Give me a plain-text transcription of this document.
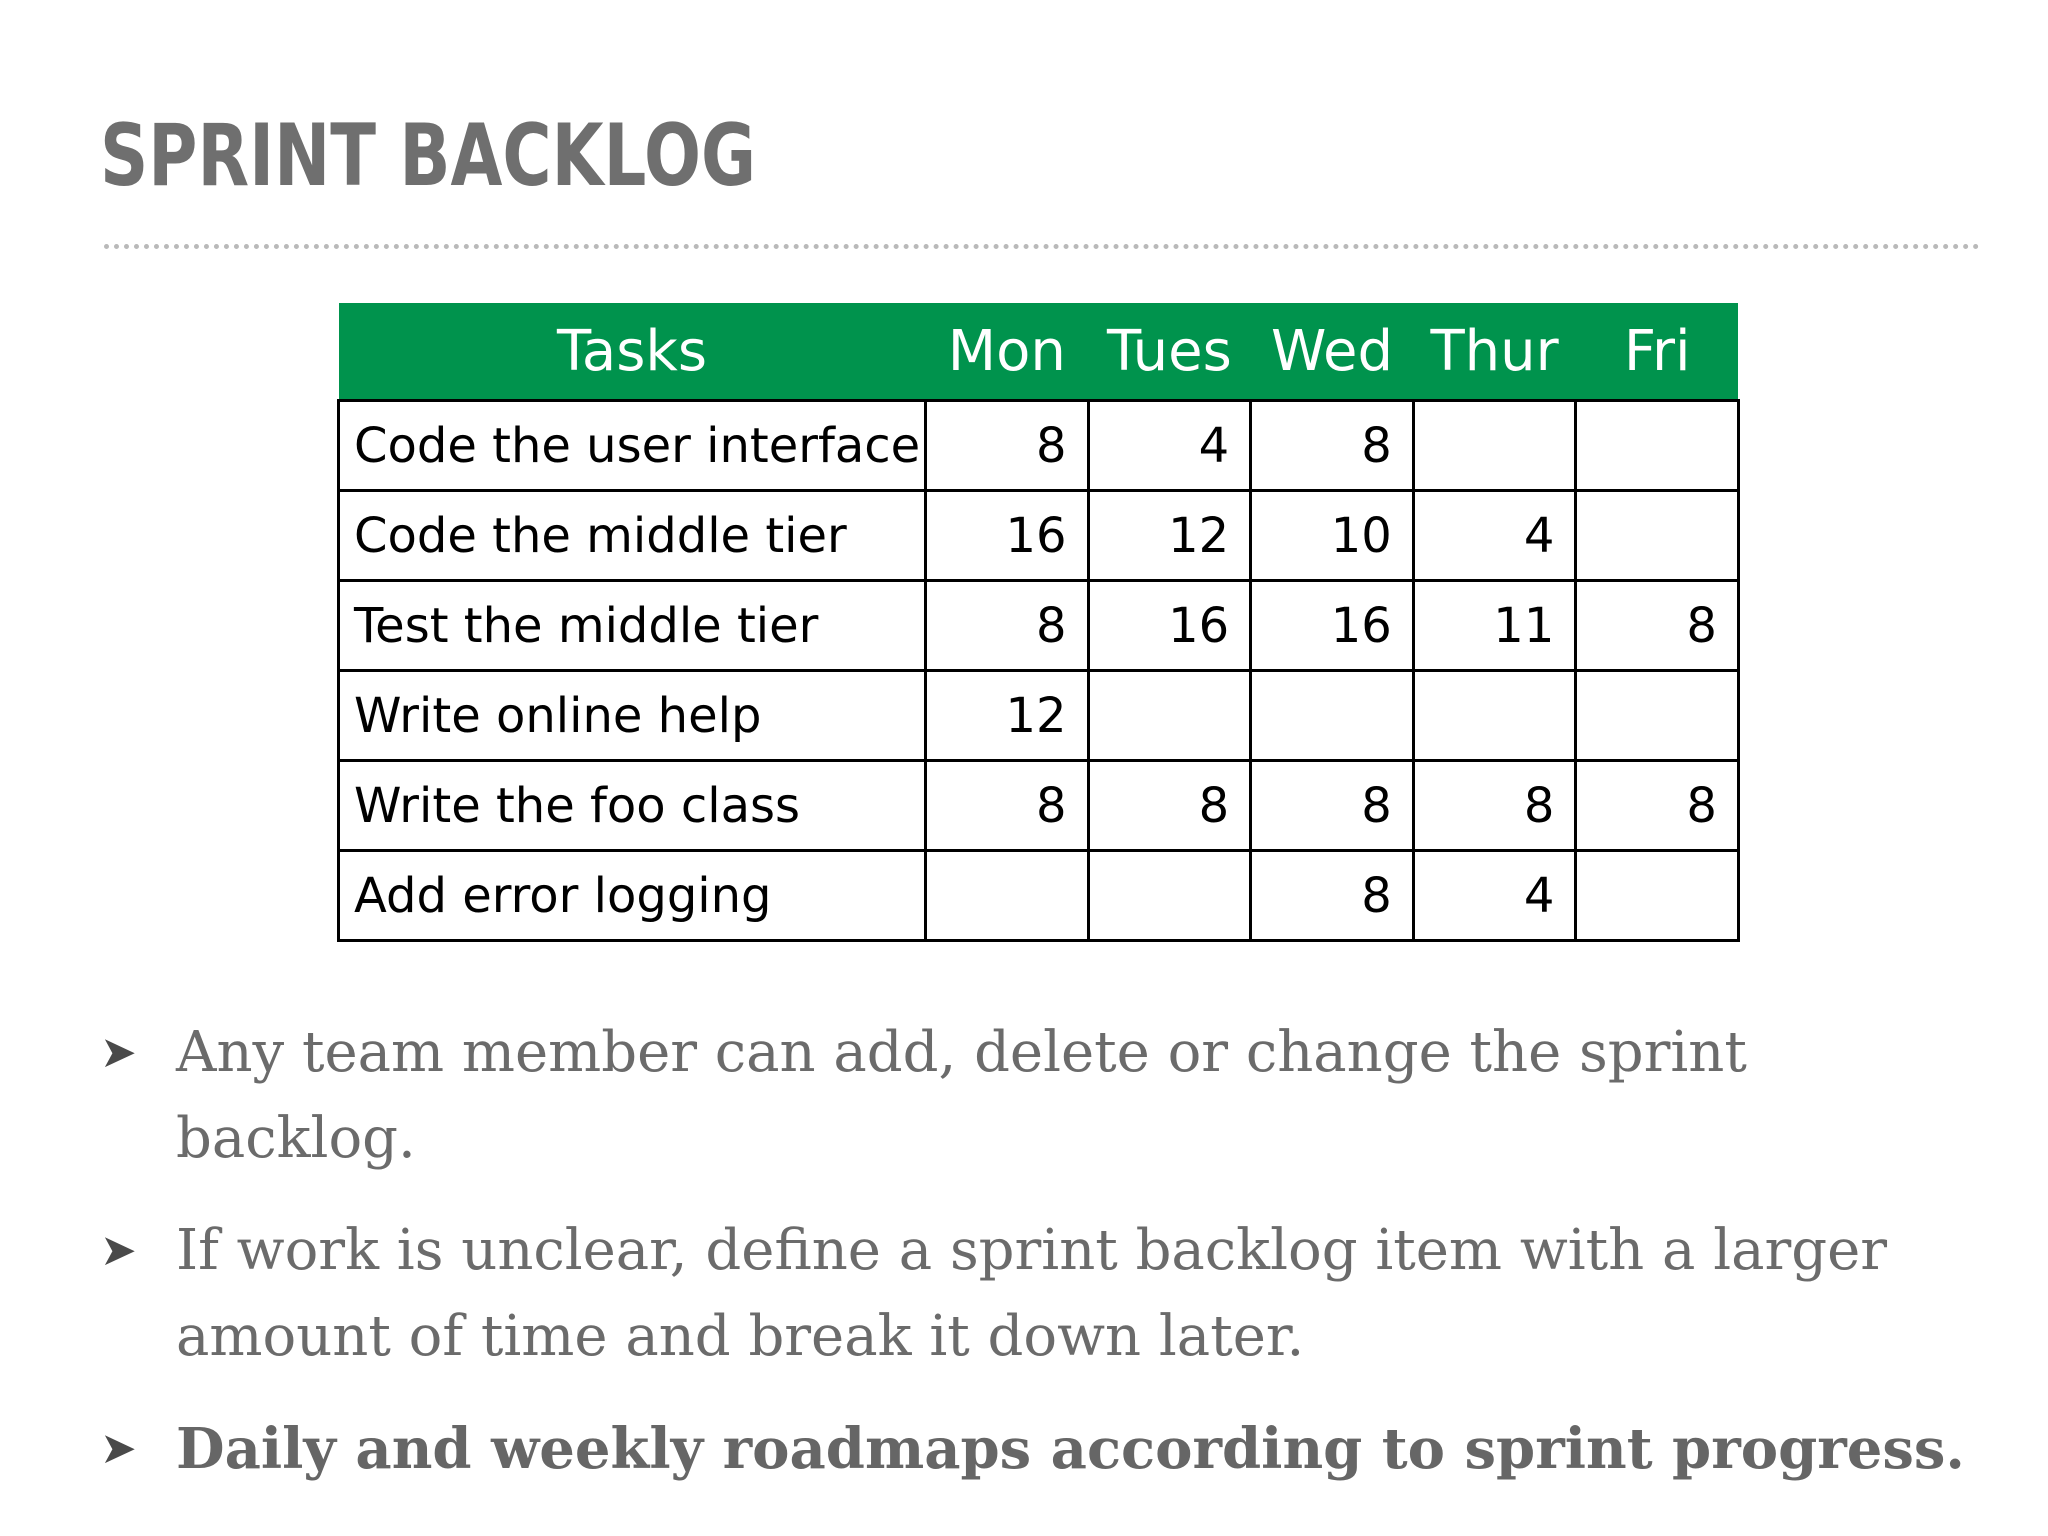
SPRINT BACKLOG
Tasks	Mon	Tues	Wed	Thur	Fri
Code the user interface	8	4	8		
Code the middle tier	16	12	10	4	
Test the middle tier	8	16	16	11	8
Write online help	12				
Write the foo class	8	8	8	8	8
Add error logging			8	4	
➤ Any team member can add, delete or change the sprint backlog.
➤ If work is unclear, define a sprint backlog item with a larger amount of time and break it down later.
➤ Daily and weekly roadmaps according to sprint progress.
